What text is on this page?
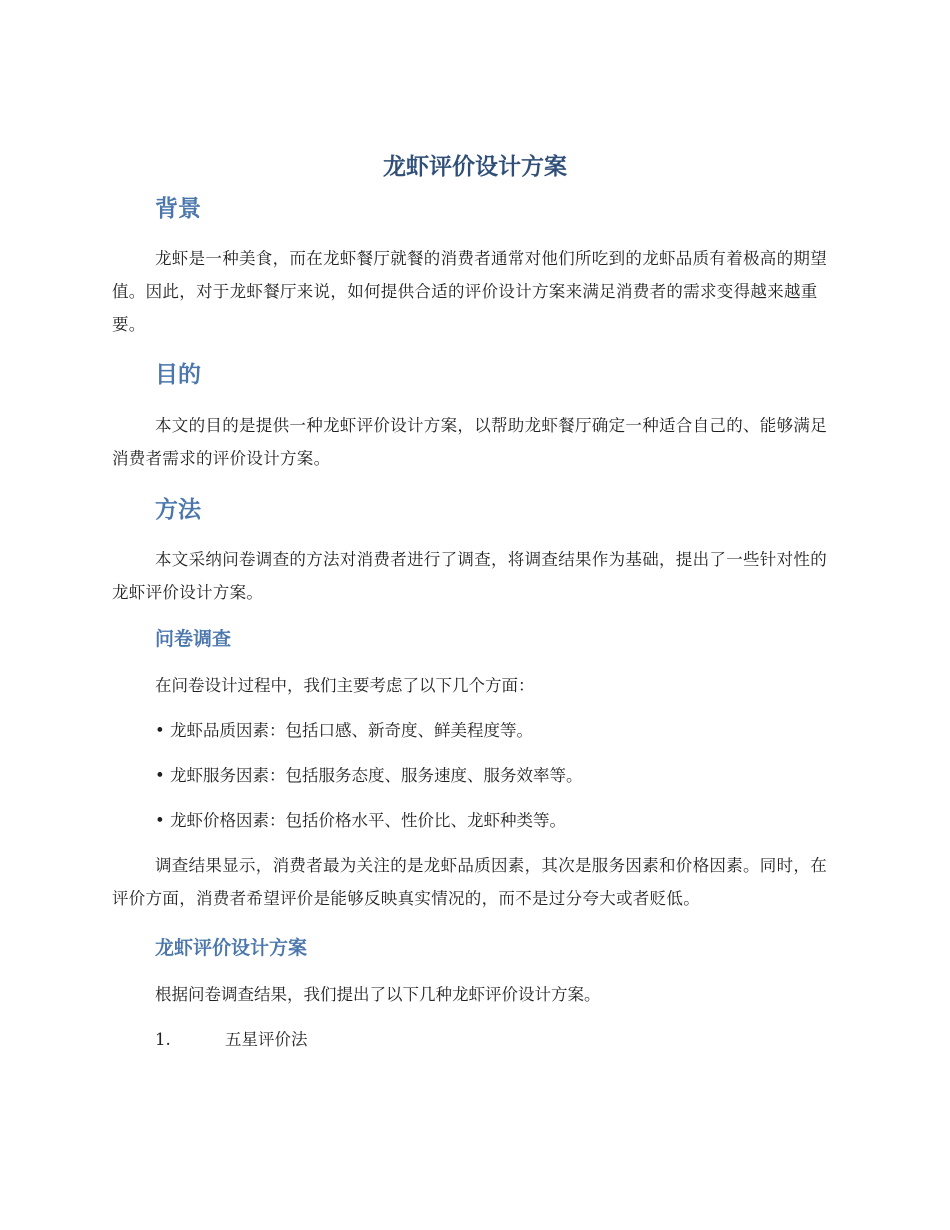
龙虾评价设计方案
背景

龙虾是一种美食，而在龙虾餐厅就餐的消费者通常对他们所吃到的龙虾品质有着极高的期望值。因此，对于龙虾餐厅来说，如何提供合适的评价设计方案来满足消费者的需求变得越来越重要。

目的

本文的目的是提供一种龙虾评价设计方案，以帮助龙虾餐厅确定一种适合自己的、能够满足消费者需求的评价设计方案。

方法

本文采纳问卷调查的方法对消费者进行了调查，将调查结果作为基础，提出了一些针对性的龙虾评价设计方案。

问卷调查

在问卷设计过程中，我们主要考虑了以下几个方面：

• 龙虾品质因素：包括口感、新奇度、鲜美程度等。

• 龙虾服务因素：包括服务态度、服务速度、服务效率等。

• 龙虾价格因素：包括价格水平、性价比、龙虾种类等。

调查结果显示，消费者最为关注的是龙虾品质因素，其次是服务因素和价格因素。同时，在评价方面，消费者希望评价是能够反映真实情况的，而不是过分夸大或者贬低。

龙虾评价设计方案

根据问卷调查结果，我们提出了以下几种龙虾评价设计方案。

1.	五星评价法
